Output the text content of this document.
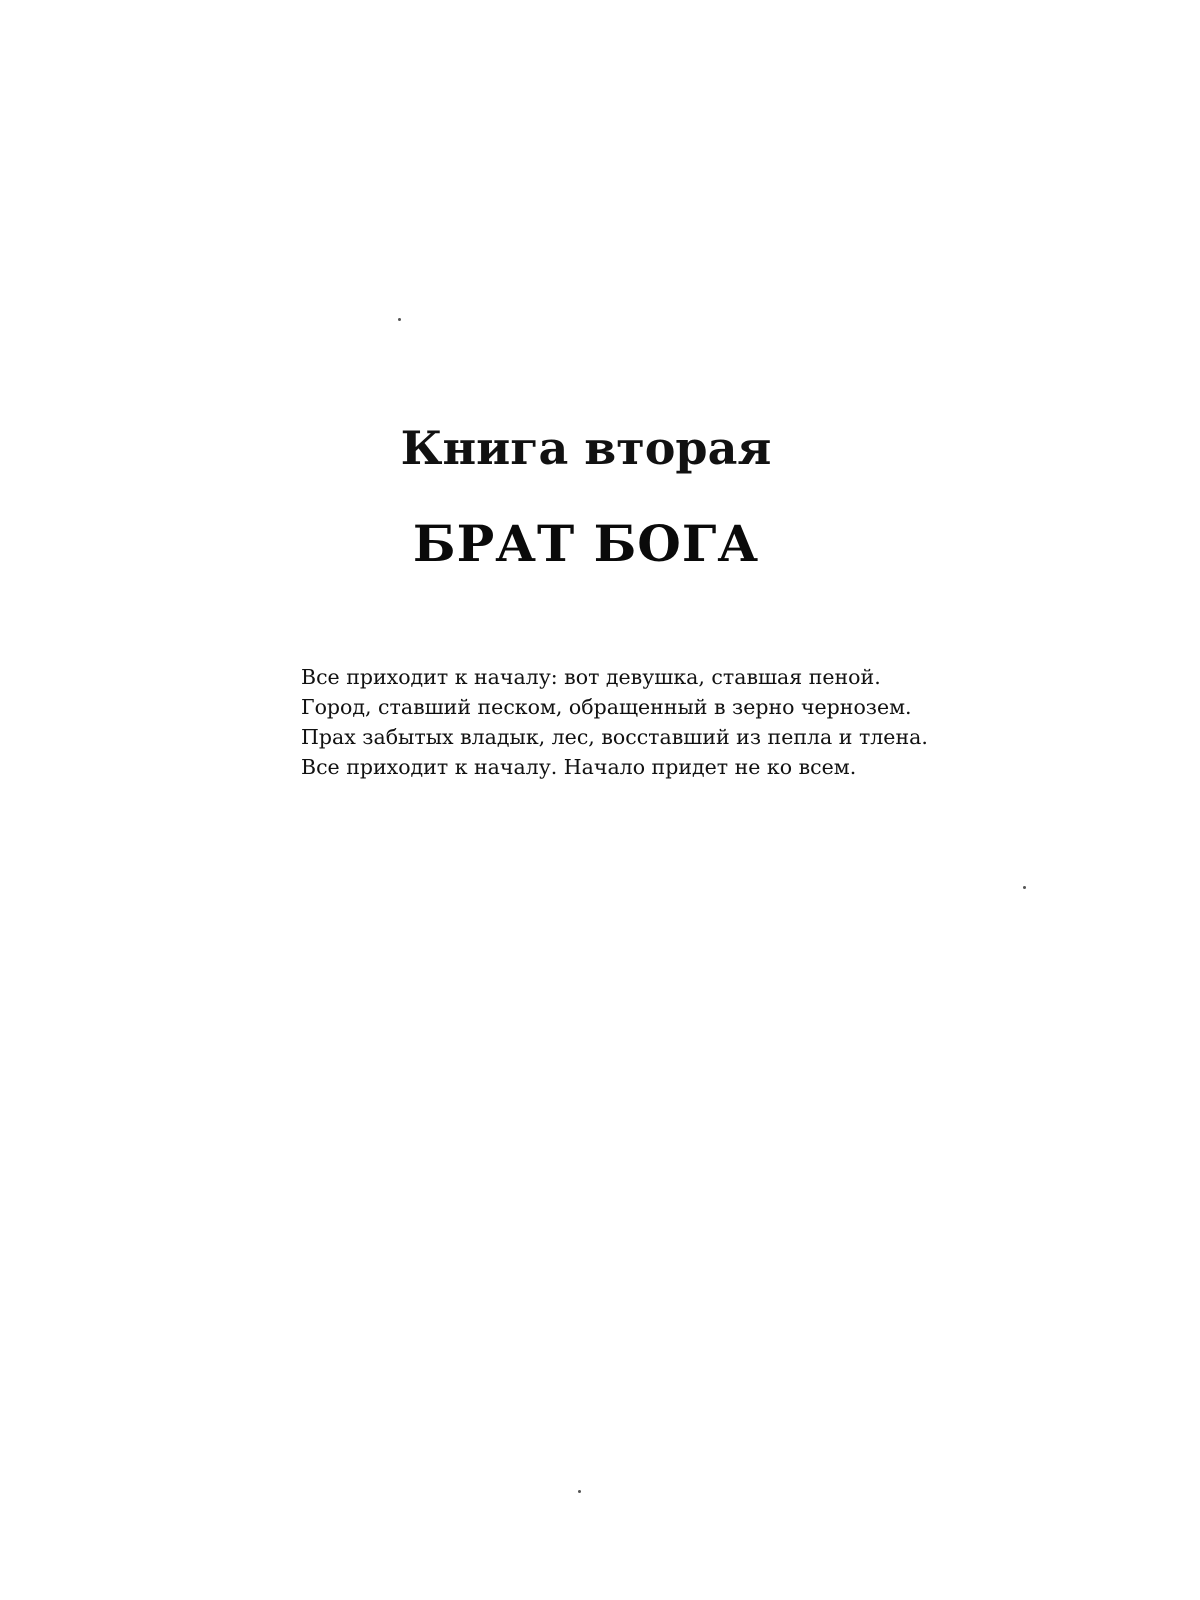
Книга вторая
БРАТ БОГА
Все приходит к началу: вот девушка, ставшая пеной.
Город, ставший песком, обращенный в зерно чернозем.
Прах забытых владык, лес, восставший из пепла и тлена.
Все приходит к началу. Начало придет не ко всем.
